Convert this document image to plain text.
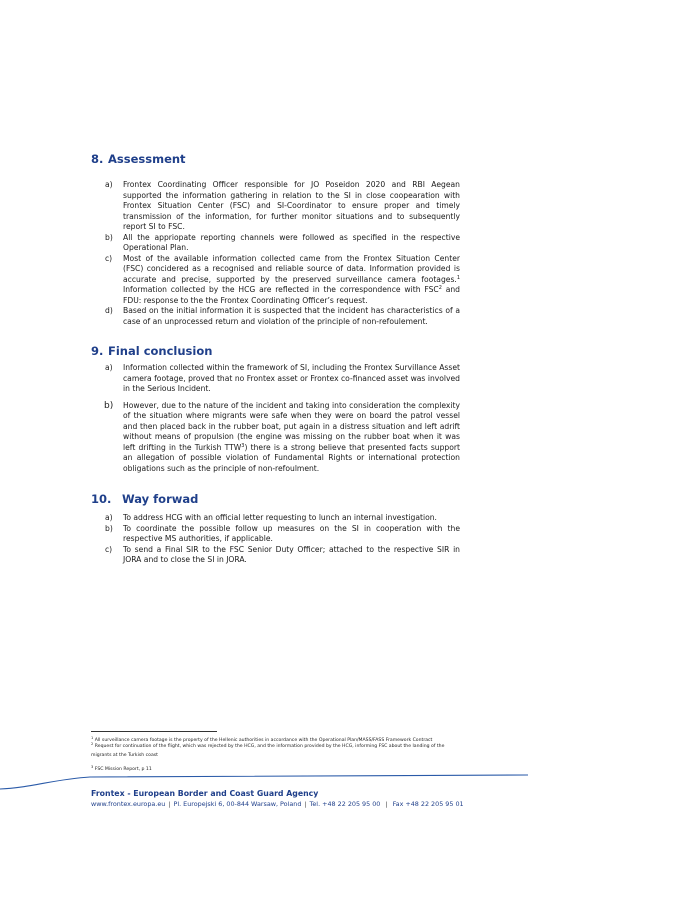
8. Assessment
a) Frontex Coordinating Officer responsible for JO Poseidon 2020 and RBI Aegean supported the information gathering in relation to the SI in close coopearation with Frontex Situation Center (FSC) and SI-Coordinator to ensure proper and timely transmission of the information, for further monitor situations and to subsequently report SI to FSC.
b) All the appriopate reporting channels were followed as specified in the respective Operational Plan.
c) Most of the available information collected came from the Frontex Situation Center (FSC) concidered as a recognised and reliable source of data. Information provided is accurate and precise, supported by the preserved surveillance camera footages.$^1$ Information collected by the HCG are reflected in the correspondence with FSC$^2$ and FDU: response to the the Frontex Coordinating Officer’s request.
d) Based on the initial information it is suspected that the incident has characteristics of a case of an unprocessed return and violation of the principle of non-refoulement.
9. Final conclusion
a) Information collected within the framework of SI, including the Frontex Survillance Asset camera footage, proved that no Frontex asset or Frontex co-financed asset was involved in the Serious Incident.
b) However, due to the nature of the incident and taking into consideration the complexity of the situation where migrants were safe when they were on board the patrol vessel and then placed back in the rubber boat, put again in a distress situation and left adrift without means of propulsion (the engine was missing on the rubber boat when it was left drifting in the Turkish TTW$^3$) there is a strong believe that presented facts support an allegation of possible violation of Fundamental Rights or international protection obligations such as the principle of non-refoulment.
10. Way forwad
a) To address HCG with an official letter requesting to lunch an internal investigation.
b) To coordinate the possible follow up measures on the SI in cooperation with the respective MS authorities, if applicable.
c) To send a Final SIR to the FSC Senior Duty Officer; attached to the respective SIR in JORA and to close the SI in JORA.
$^1$ All surveillance camera footage is the property of the Hellenic authorities in accordance with the Operational Plan/MASS/FASS Framework Contract
$^2$ Request for continuation of the flight, which was rejected by the HCG, and the information provided by the HCG, informing FSC about the landing of the migrants at the Turkish coast
$^3$ FSC Mission Report, p 11
Frontex - European Border and Coast Guard Agency
www.frontex.europa.eu | Pl. Europejski 6, 00-844 Warsaw, Poland | Tel. +48 22 205 95 00 | Fax +48 22 205 95 01
